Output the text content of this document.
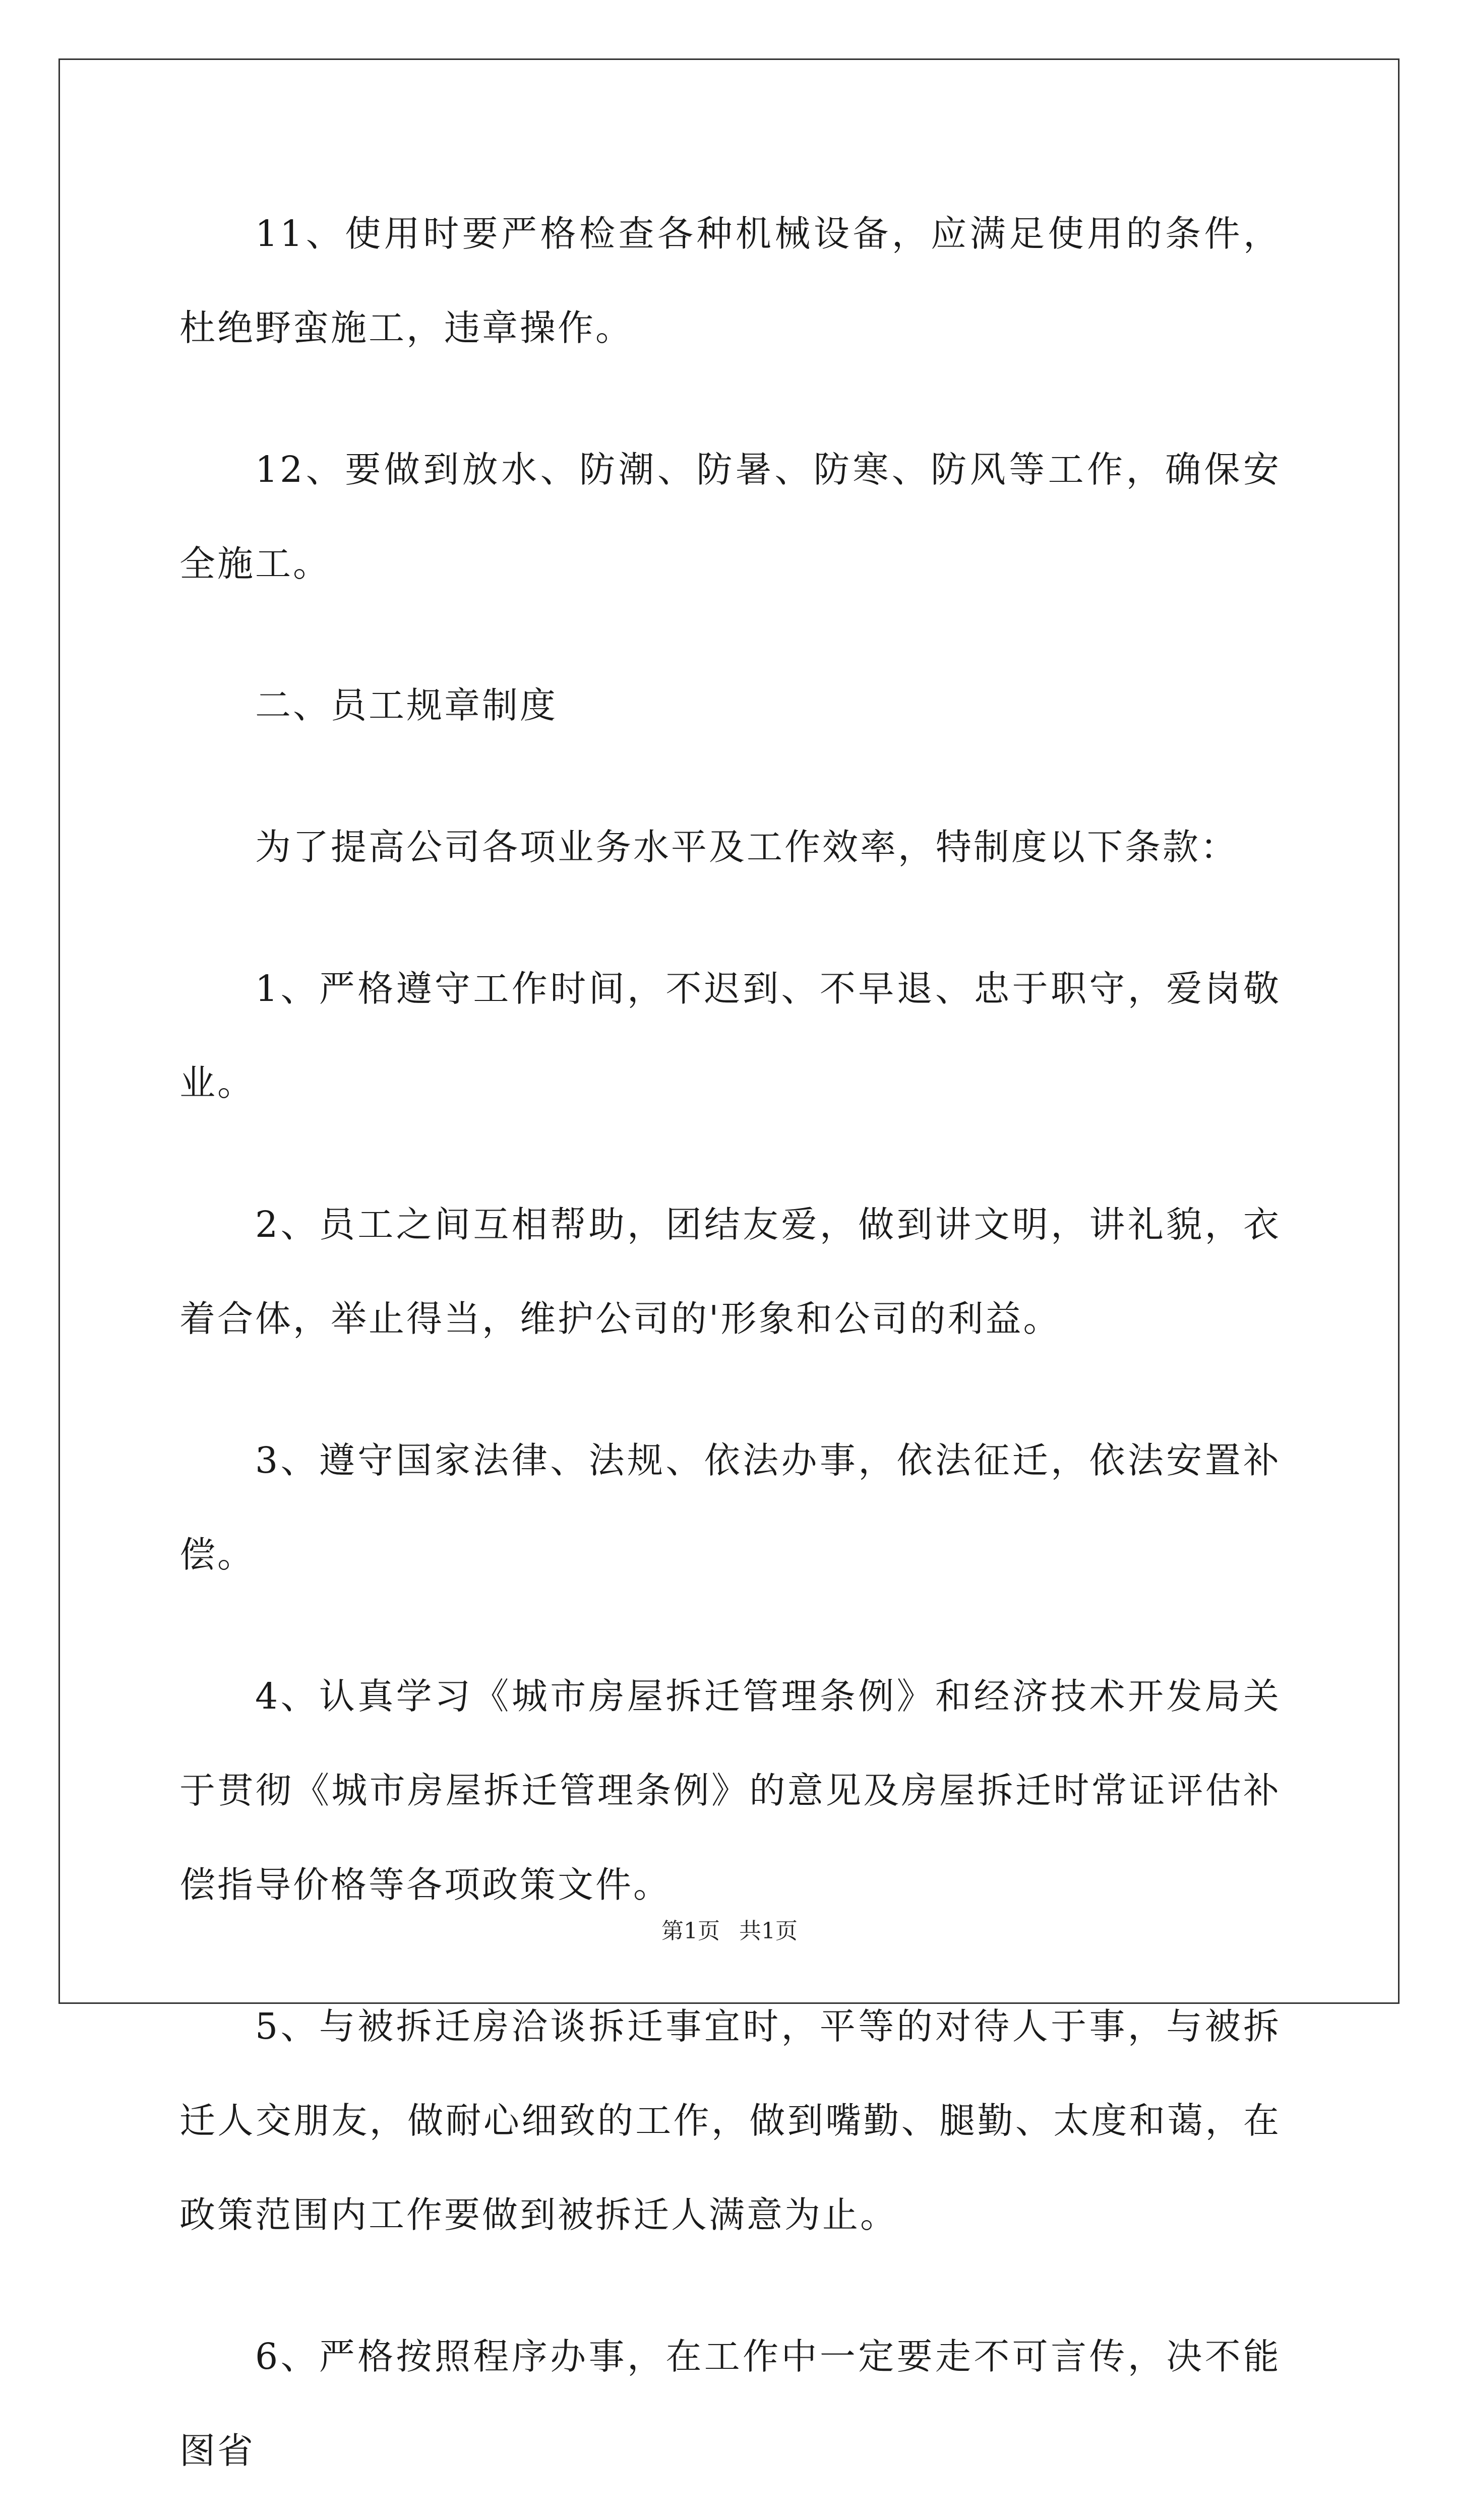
11、使用时要严格检查各种机械设备，应满足使用的条件，杜绝野蛮施工，违章操作。

12、要做到放水、防潮、防暑、防寒、防风等工作，确保安全施工。

二、员工规章制度

为了提高公司各项业务水平及工作效率，特制度以下条款：

1、严格遵守工作时间，不迟到、不早退、忠于职守，爱岗敬业。

2、员工之间互相帮助，团结友爱，做到讲文明，讲礼貌，衣着合体，举止得当，维护公司的'形象和公司的利益。

3、遵守国家法律、法规、依法办事，依法征迁，依法安置补偿。

4、认真学习《城市房屋拆迁管理条例》和经济技术开发局关于贯彻《城市房屋拆迁管理条例》的意见及房屋拆迁时常证评估补偿指导价格等各项政策文件。

5、与被拆迁房洽谈拆迁事宜时，平等的对待人于事，与被拆迁人交朋友，做耐心细致的工作，做到嘴勤、腿勤、太度和蔼，在政策范围内工作要做到被拆迁人满意为止。

6、严格按照程序办事，在工作中一定要走不可言传，决不能图省

第1页 共1页
